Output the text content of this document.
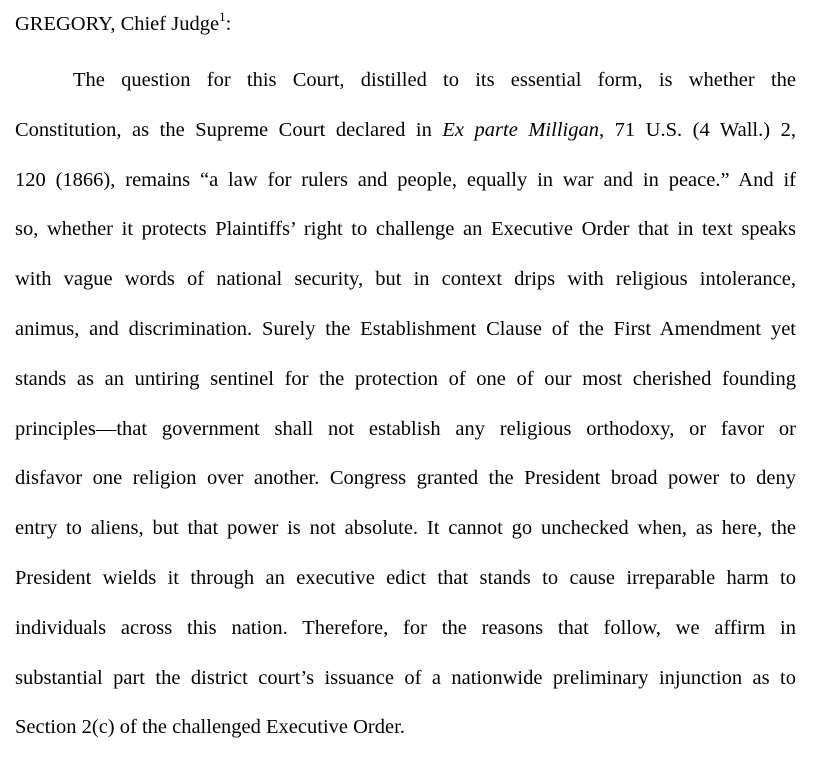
GREGORY, Chief Judge$^1$:

The question for this Court, distilled to its essential form, is whether the
Constitution, as the Supreme Court declared in Ex parte Milligan, 71 U.S. (4 Wall.) 2,
120 (1866), remains “a law for rulers and people, equally in war and in peace.” And if
so, whether it protects Plaintiffs’ right to challenge an Executive Order that in text speaks
with vague words of national security, but in context drips with religious intolerance,
animus, and discrimination. Surely the Establishment Clause of the First Amendment yet
stands as an untiring sentinel for the protection of one of our most cherished founding
principles—that government shall not establish any religious orthodoxy, or favor or
disfavor one religion over another. Congress granted the President broad power to deny
entry to aliens, but that power is not absolute. It cannot go unchecked when, as here, the
President wields it through an executive edict that stands to cause irreparable harm to
individuals across this nation. Therefore, for the reasons that follow, we affirm in
substantial part the district court’s issuance of a nationwide preliminary injunction as to
Section 2(c) of the challenged Executive Order.
